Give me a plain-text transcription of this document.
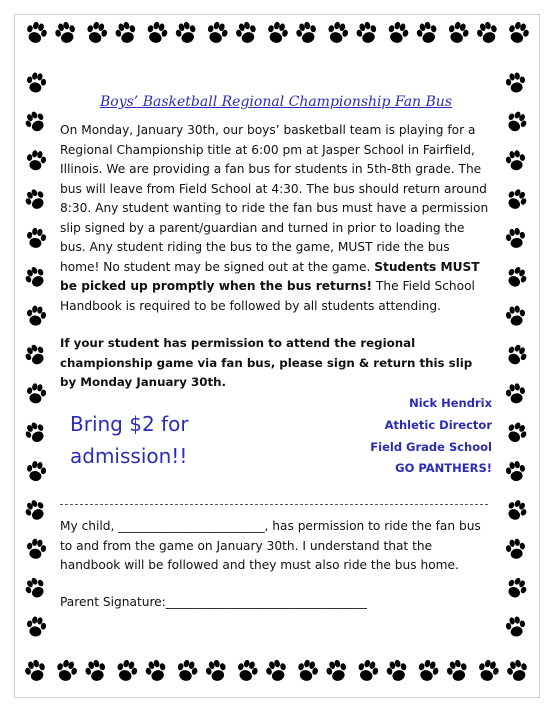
Boys’ Basketball Regional Championship Fan Bus
On Monday, January 30th, our boys’ basketball team is playing for a Regional Championship title at 6:00 pm at Jasper School in Fairfield, Illinois. We are providing a fan bus for students in 5th-8th grade. The bus will leave from Field School at 4:30. The bus should return around 8:30. Any student wanting to ride the fan bus must have a permission slip signed by a parent/guardian and turned in prior to loading the bus. Any student riding the bus to the game, MUST ride the bus home! No student may be signed out at the game. Students MUST be picked up promptly when the bus returns! The Field School Handbook is required to be followed by all students attending.
If your student has permission to attend the regional championship game via fan bus, please sign & return this slip by Monday January 30th.
Bring $2 for admission!!
Nick Hendrix
Athletic Director
Field Grade School
GO PANTHERS!
My child, ________________________, has permission to ride the fan bus to and from the game on January 30th. I understand that the handbook will be followed and they must also ride the bus home.
Parent Signature:_________________________________
